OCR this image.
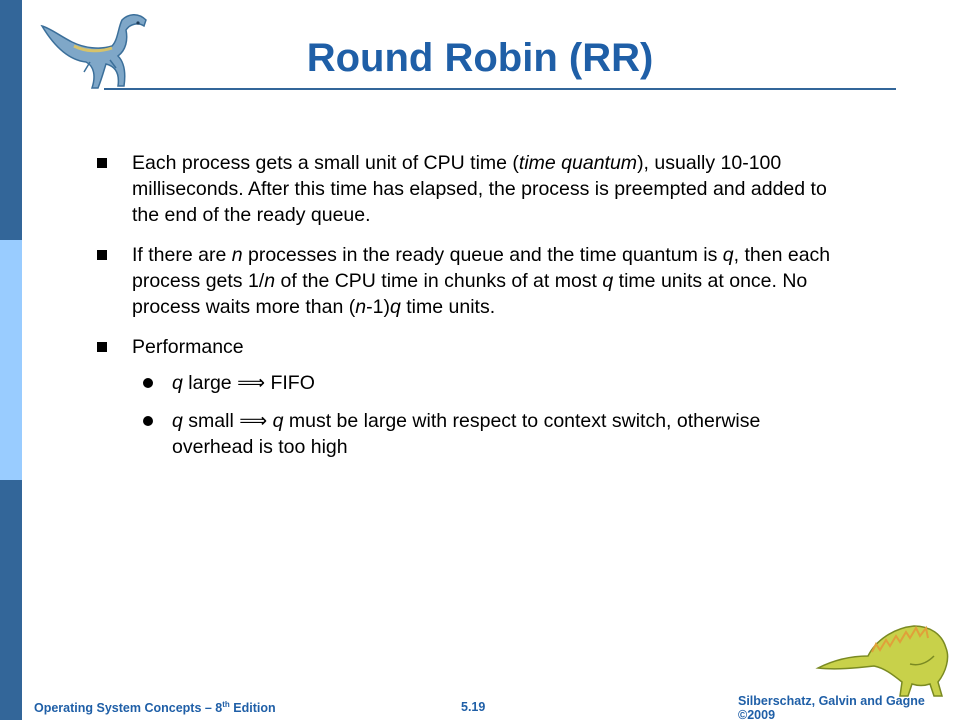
Round Robin (RR)
Each process gets a small unit of CPU time (time quantum), usually 10-100 milliseconds. After this time has elapsed, the process is preempted and added to the end of the ready queue.
If there are n processes in the ready queue and the time quantum is q, then each process gets 1/n of the CPU time in chunks of at most q time units at once. No process waits more than (n-1)q time units.
Performance
q large ⟹ FIFO
q small ⟹ q must be large with respect to context switch, otherwise overhead is too high
Operating System Concepts – 8th Edition	5.19	Silberschatz, Galvin and Gagne ©2009
